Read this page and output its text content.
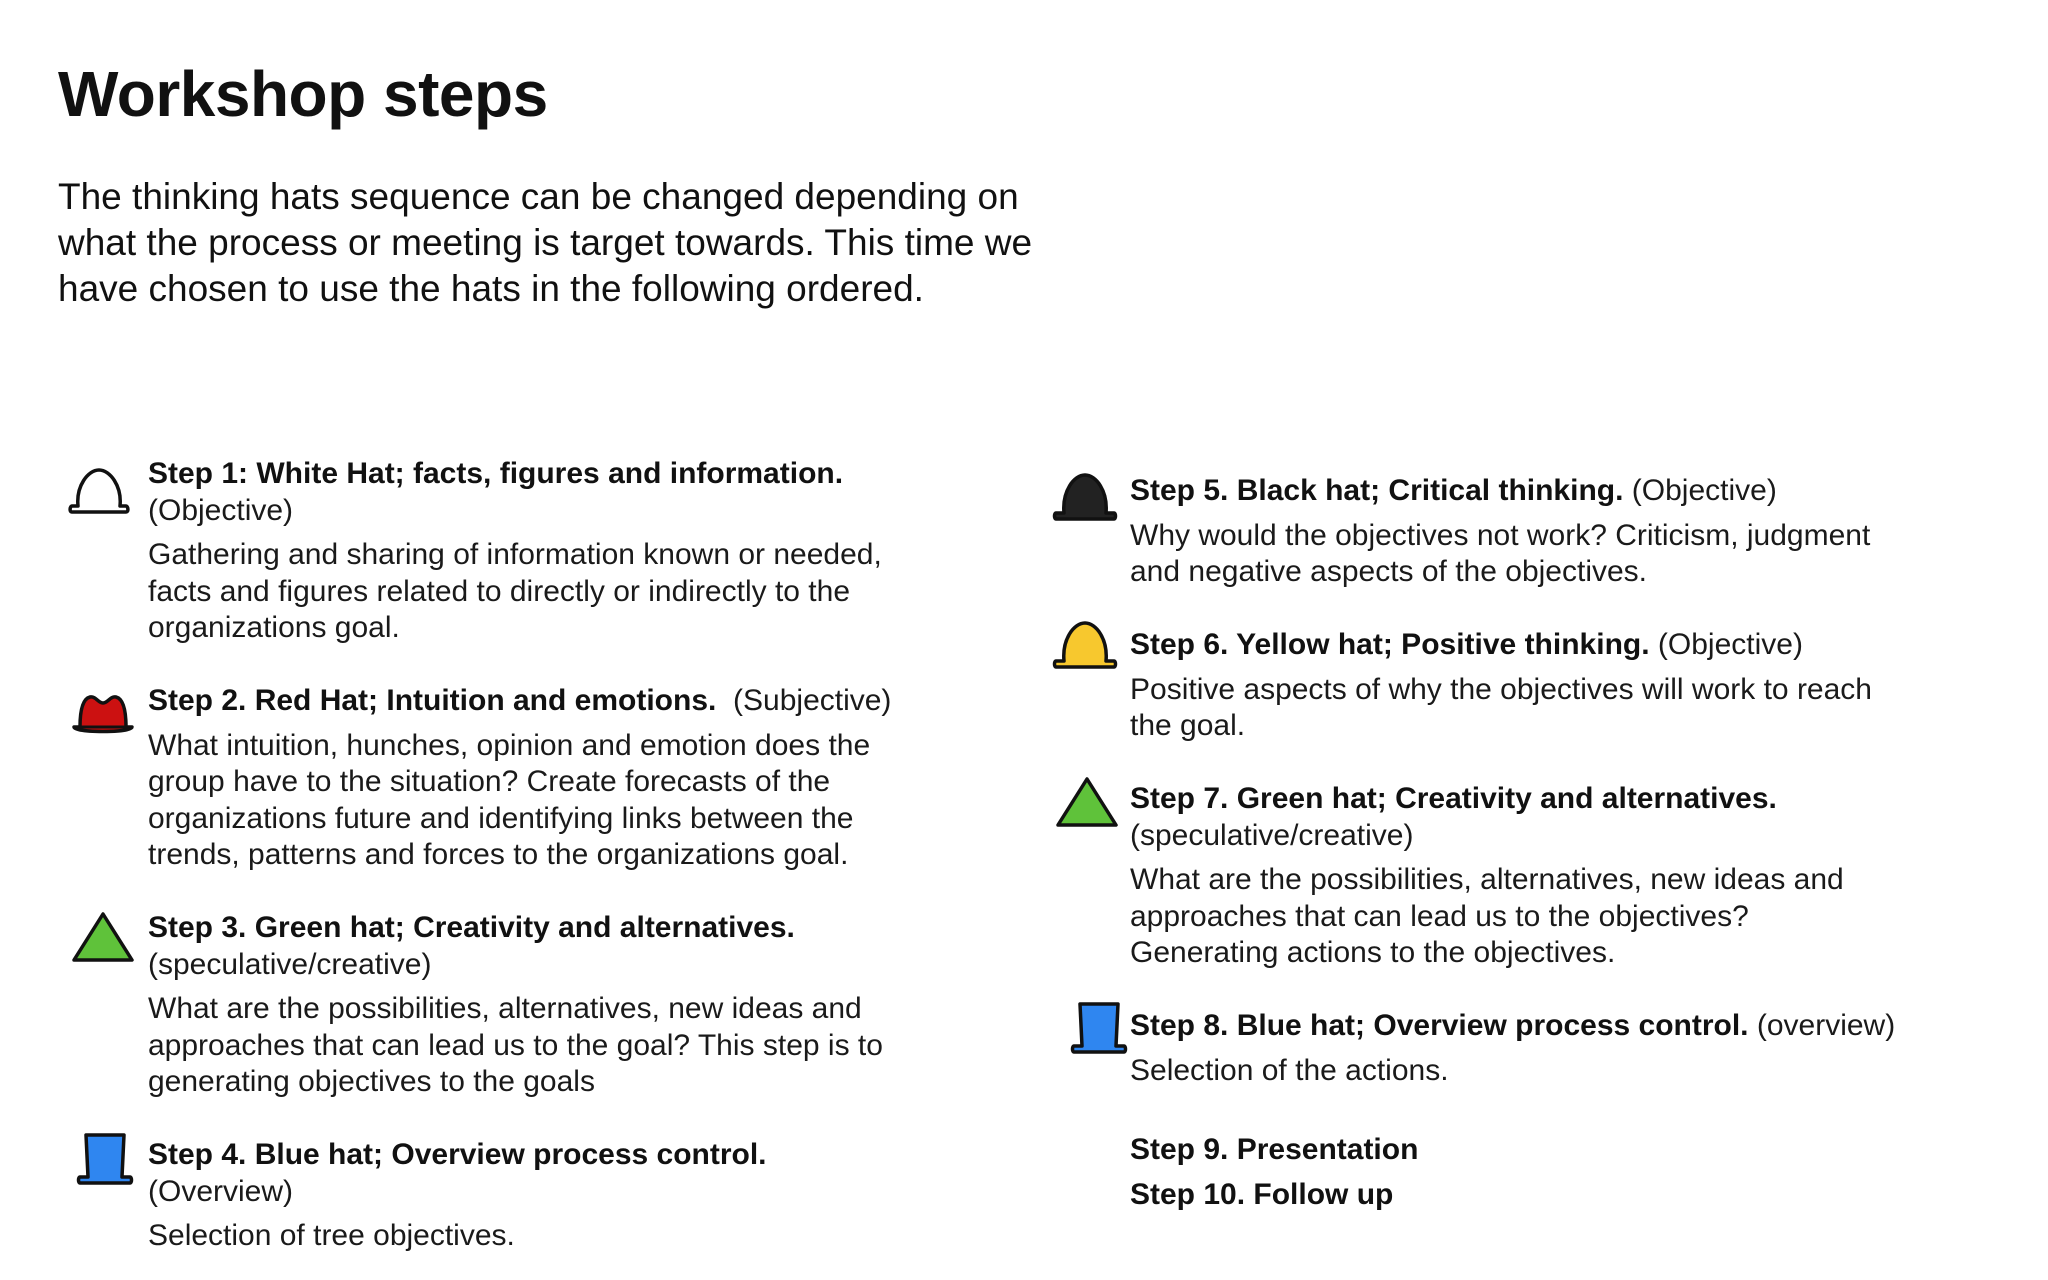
Workshop steps

The thinking hats sequence can be changed depending on what the process or meeting is target towards. This time we have chosen to use the hats in the following ordered.

Step 1: White Hat; facts, figures and information.
(Objective)

Gathering and sharing of information known or needed, facts and figures related to directly or indirectly to the organizations goal.

Step 2. Red Hat; Intuition and emotions. (Subjective)

What intuition, hunches, opinion and emotion does the group have to the situation? Create forecasts of the organizations future and identifying links between the trends, patterns and forces to the organizations goal.

Step 3. Green hat; Creativity and alternatives.
(speculative/creative)

What are the possibilities, alternatives, new ideas and approaches that can lead us to the goal? This step is to generating objectives to the goals

Step 4. Blue hat; Overview process control. (Overview)

Selection of tree objectives.

Step 5. Black hat; Critical thinking. (Objective)

Why would the objectives not work? Criticism, judgment and negative aspects of the objectives.

Step 6. Yellow hat; Positive thinking. (Objective)

Positive aspects of why the objectives will work to reach the goal.

Step 7. Green hat; Creativity and alternatives.
(speculative/creative)

What are the possibilities, alternatives, new ideas and approaches that can lead us to the objectives? Generating actions to the objectives.

Step 8. Blue hat; Overview process control. (overview)

Selection of the actions.

Step 9. Presentation
Step 10. Follow up
